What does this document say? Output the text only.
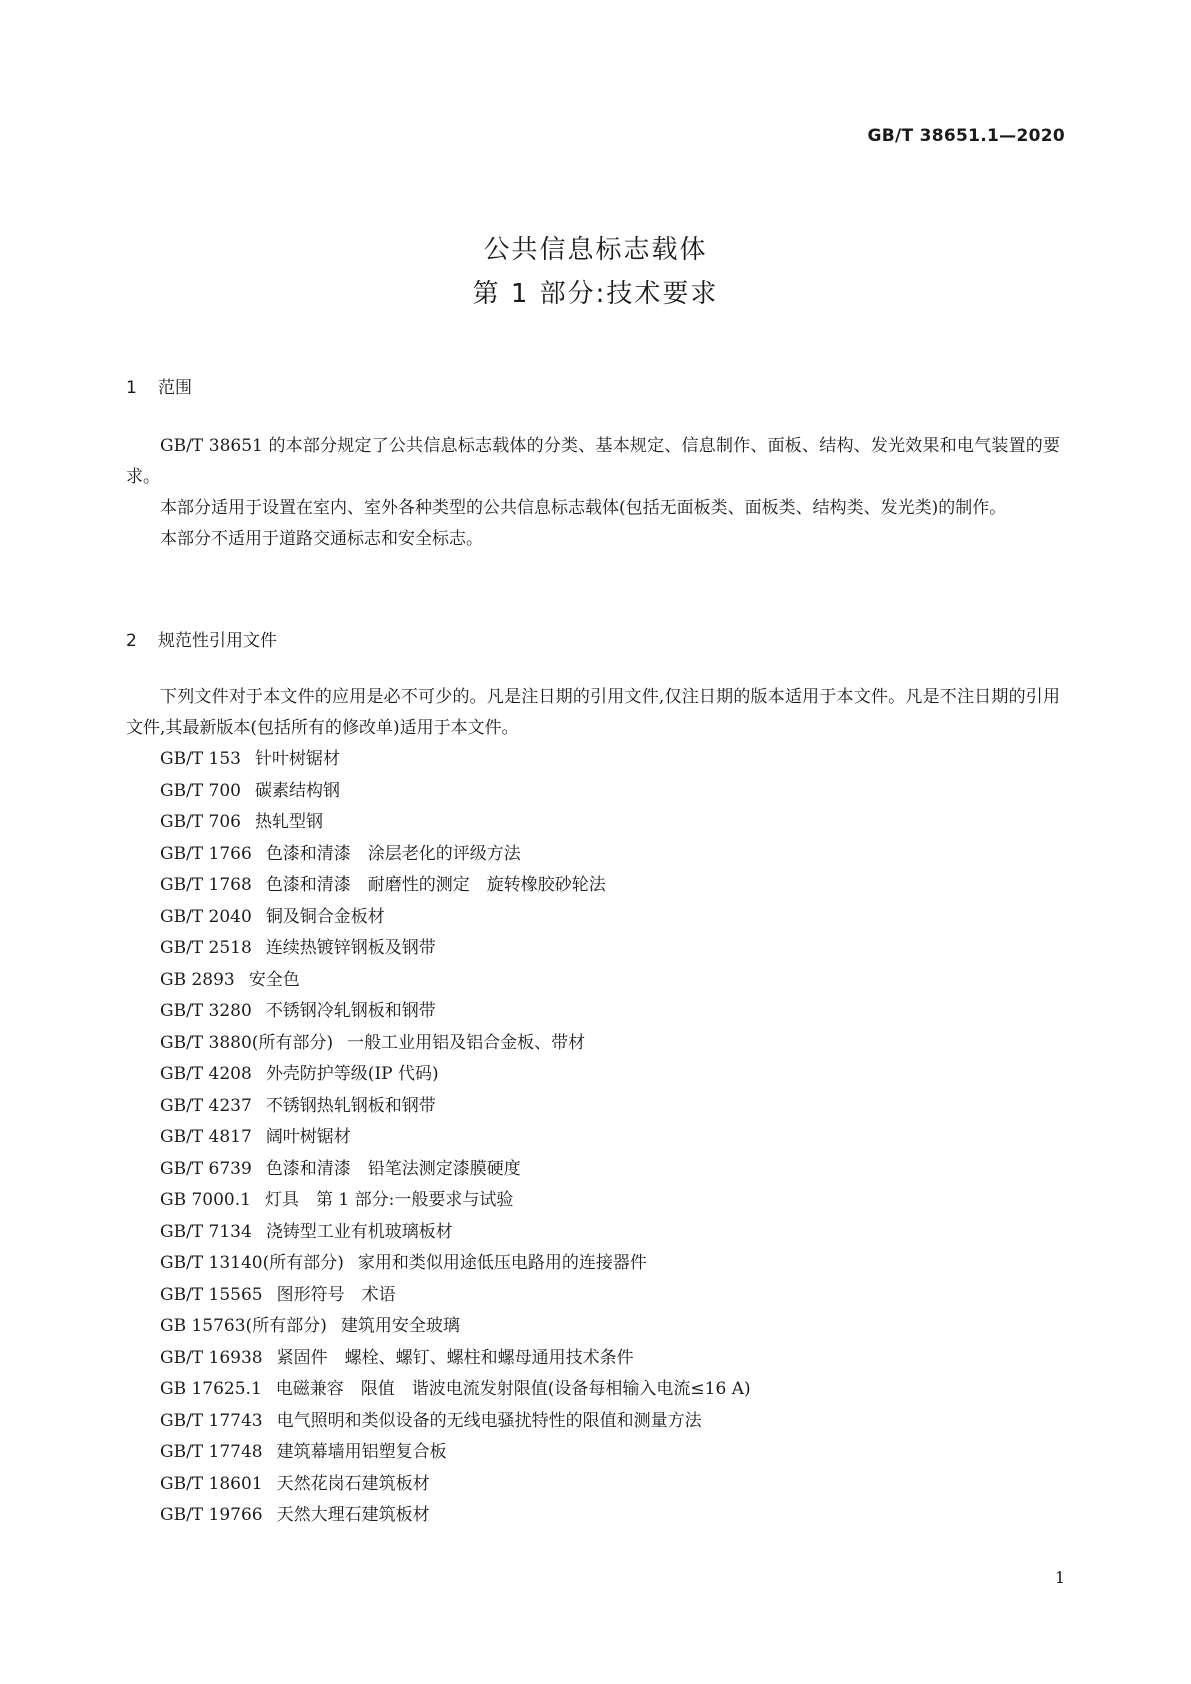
GB/T 38651.1—2020
公共信息标志载体
第 1 部分:技术要求
1 范围

GB/T 38651 的本部分规定了公共信息标志载体的分类、基本规定、信息制作、面板、结构、发光效果和电气装置的要求。

本部分适用于设置在室内、室外各种类型的公共信息标志载体(包括无面板类、面板类、结构类、发光类)的制作。

本部分不适用于道路交通标志和安全标志。

2 规范性引用文件

下列文件对于本文件的应用是必不可少的。凡是注日期的引用文件,仅注日期的版本适用于本文件。凡是不注日期的引用文件,其最新版本(包括所有的修改单)适用于本文件。

GB/T 153 针叶树锯材
GB/T 700 碳素结构钢
GB/T 706 热轧型钢
GB/T 1766 色漆和清漆　涂层老化的评级方法
GB/T 1768 色漆和清漆　耐磨性的测定　旋转橡胶砂轮法
GB/T 2040 铜及铜合金板材
GB/T 2518 连续热镀锌钢板及钢带
GB 2893 安全色
GB/T 3280 不锈钢冷轧钢板和钢带
GB/T 3880(所有部分) 一般工业用铝及铝合金板、带材
GB/T 4208 外壳防护等级(IP 代码)
GB/T 4237 不锈钢热轧钢板和钢带
GB/T 4817 阔叶树锯材
GB/T 6739 色漆和清漆　铅笔法测定漆膜硬度
GB 7000.1 灯具　第 1 部分:一般要求与试验
GB/T 7134 浇铸型工业有机玻璃板材
GB/T 13140(所有部分) 家用和类似用途低压电路用的连接器件
GB/T 15565 图形符号　术语
GB 15763(所有部分) 建筑用安全玻璃
GB/T 16938 紧固件　螺栓、螺钉、螺柱和螺母通用技术条件
GB 17625.1 电磁兼容　限值　谐波电流发射限值(设备每相输入电流≤16 A)
GB/T 17743 电气照明和类似设备的无线电骚扰特性的限值和测量方法
GB/T 17748 建筑幕墙用铝塑复合板
GB/T 18601 天然花岗石建筑板材
GB/T 19766 天然大理石建筑板材
1
